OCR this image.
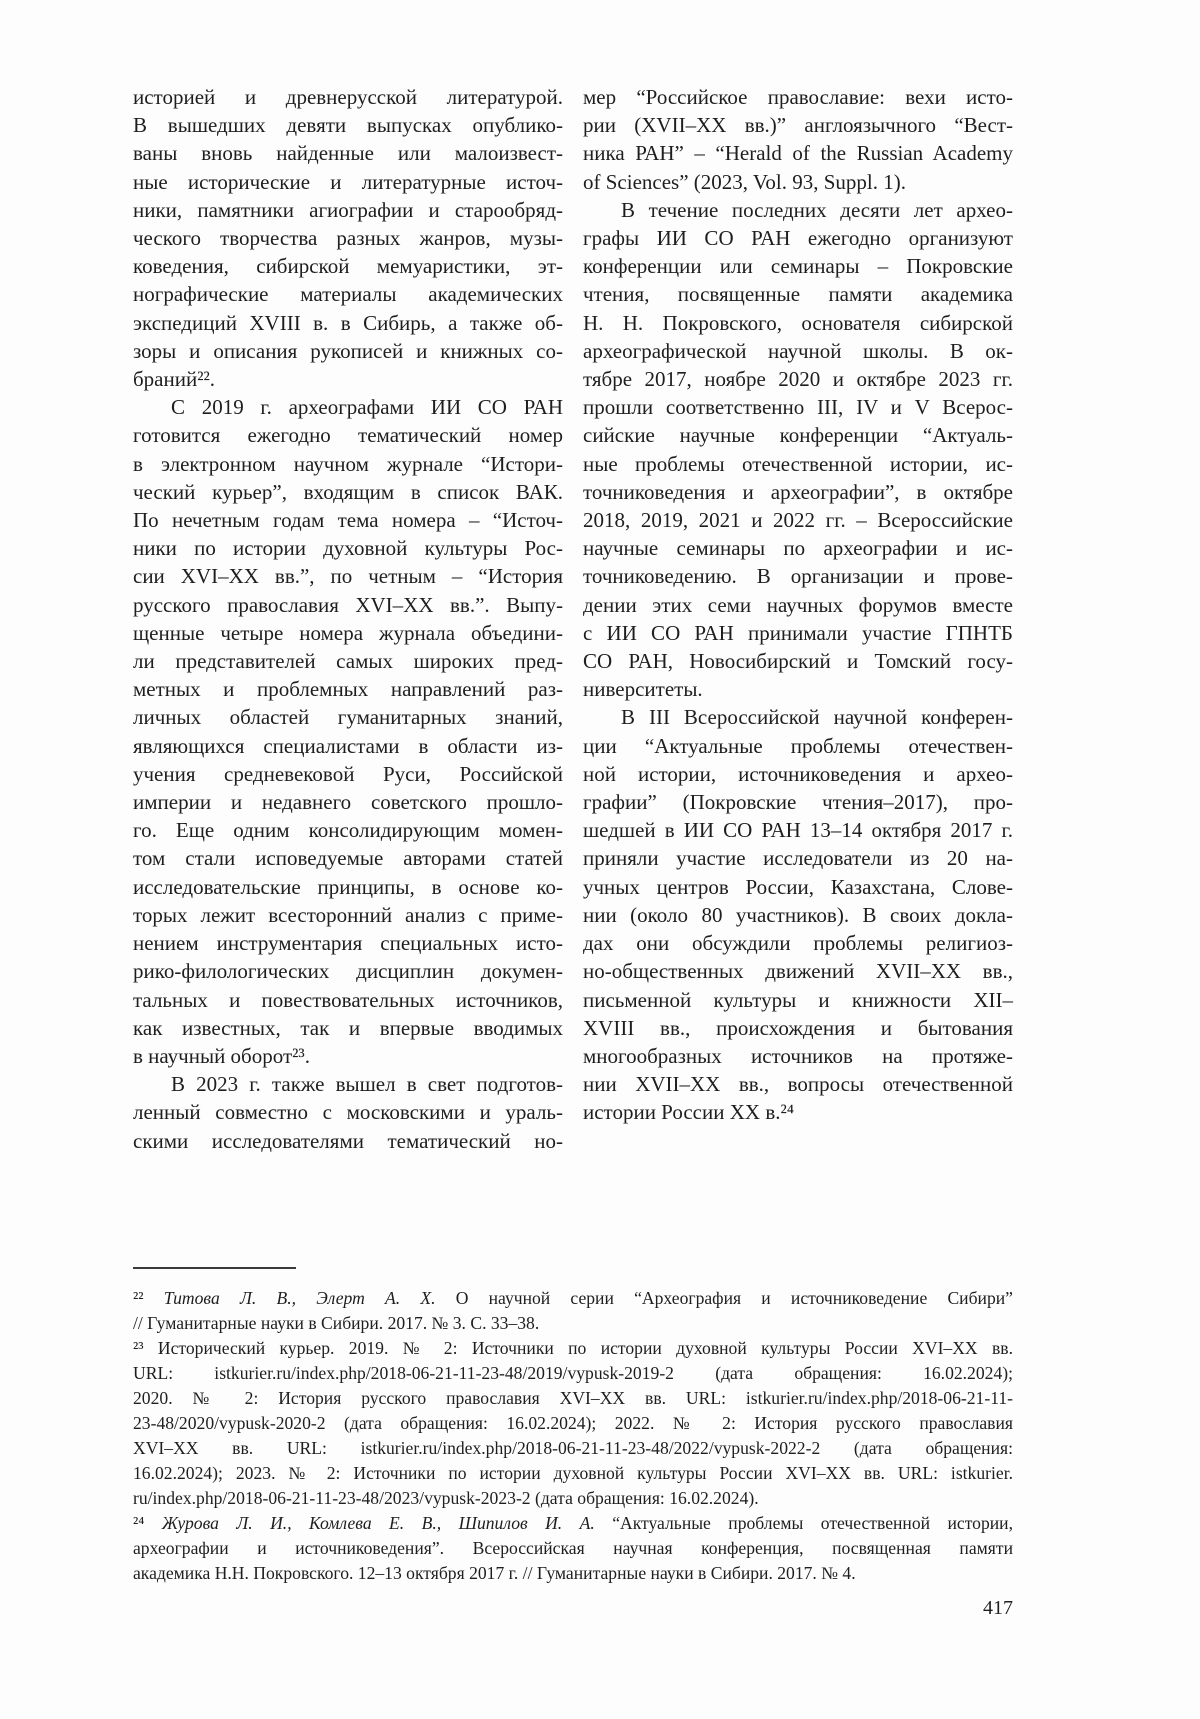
историей и древнерусской литературой.
В вышедших девяти выпусках опублико-
ваны вновь найденные или малоизвест-
ные исторические и литературные источ-
ники, памятники агиографии и старообряд-
ческого творчества разных жанров, музы-
коведения, сибирской мемуаристики, эт-
нографические материалы академических
экспедиций XVIII в. в Сибирь, а также об-
зоры и описания рукописей и книжных со-
браний²².
С 2019 г. археографами ИИ СО РАН
готовится ежегодно тематический номер
в электронном научном журнале “Истори-
ческий курьер”, входящим в список ВАК.
По нечетным годам тема номера – “Источ-
ники по истории духовной культуры Рос-
сии XVI–XX вв.”, по четным – “История
русского православия XVI–XX вв.”. Выпу-
щенные четыре номера журнала объедини-
ли представителей самых широких пред-
метных и проблемных направлений раз-
личных областей гуманитарных знаний,
являющихся специалистами в области из-
учения средневековой Руси, Российской
империи и недавнего советского прошло-
го. Еще одним консолидирующим момен-
том стали исповедуемые авторами статей
исследовательские принципы, в основе ко-
торых лежит всесторонний анализ с приме-
нением инструментария специальных исто-
рико-филологических дисциплин докумен-
тальных и повествовательных источников,
как известных, так и впервые вводимых
в научный оборот²³.
В 2023 г. также вышел в свет подготов-
ленный совместно с московскими и ураль-
скими исследователями тематический но-
мер “Российское православие: вехи исто-
рии (XVII–XX вв.)” англоязычного “Вест-
ника РАН” – “Herald of the Russian Academy
of Sciences” (2023, Vol. 93, Suppl. 1).
В течение последних десяти лет архео-
графы ИИ СО РАН ежегодно организуют
конференции или семинары – Покровские
чтения, посвященные памяти академика
Н. Н. Покровского, основателя сибирской
археографической научной школы. В ок-
тябре 2017, ноябре 2020 и октябре 2023 гг.
прошли соответственно III, IV и V Всерос-
сийские научные конференции “Актуаль-
ные проблемы отечественной истории, ис-
точниковедения и археографии”, в октябре
2018, 2019, 2021 и 2022 гг. – Всероссийские
научные семинары по археографии и ис-
точниковедению. В организации и прове-
дении этих семи научных форумов вместе
с ИИ СО РАН принимали участие ГПНТБ
СО РАН, Новосибирский и Томский госу-
ниверситеты.
В III Всероссийской научной конферен-
ции “Актуальные проблемы отечествен-
ной истории, источниковедения и архео-
графии” (Покровские чтения–2017), про-
шедшей в ИИ СО РАН 13–14 октября 2017 г.
приняли участие исследователи из 20 на-
учных центров России, Казахстана, Слове-
нии (около 80 участников). В своих докла-
дах они обсуждили проблемы религиоз-
но-общественных движений XVII–XX вв.,
письменной культуры и книжности XII–
XVIII вв., происхождения и бытования
многообразных источников на протяже-
нии XVII–XX вв., вопросы отечественной
истории России XX в.²⁴
²² Титова Л. В., Элерт А. Х. О научной серии “Археография и источниковедение Сибири”
// Гуманитарные науки в Сибири. 2017. № 3. С. 33–38.
²³ Исторический курьер. 2019. № 2: Источники по истории духовной культуры России XVI–XX вв.
URL: istkurier.ru/index.php/2018-06-21-11-23-48/2019/vypusk-2019-2 (дата обращения: 16.02.2024);
2020. № 2: История русского православия XVI–XX вв. URL: istkurier.ru/index.php/2018-06-21-11-
23-48/2020/vypusk-2020-2 (дата обращения: 16.02.2024); 2022. № 2: История русского православия
XVI–XX вв. URL: istkurier.ru/index.php/2018-06-21-11-23-48/2022/vypusk-2022-2 (дата обращения:
16.02.2024); 2023. № 2: Источники по истории духовной культуры России XVI–XX вв. URL: istkurier.
ru/index.php/2018-06-21-11-23-48/2023/vypusk-2023-2 (дата обращения: 16.02.2024).
²⁴ Журова Л. И., Комлева Е. В., Шипилов И. А. “Актуальные проблемы отечественной истории,
археографии и источниковедения”. Всероссийская научная конференция, посвященная памяти
академика Н.Н. Покровского. 12–13 октября 2017 г. // Гуманитарные науки в Сибири. 2017. № 4.
417
